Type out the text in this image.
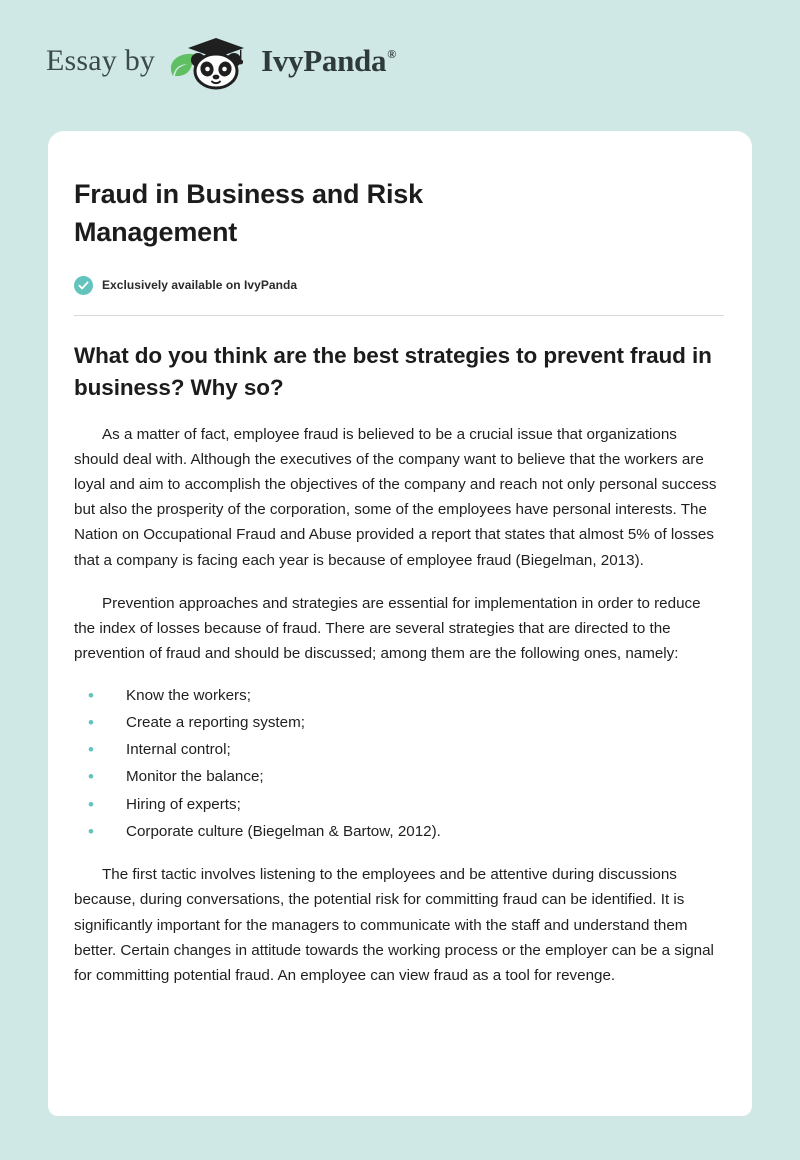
Essay by	IvyPanda®
Fraud in Business and Risk Management
Exclusively available on IvyPanda
What do you think are the best strategies to prevent fraud in business? Why so?

As a matter of fact, employee fraud is believed to be a crucial issue that organizations should deal with. Although the executives of the company want to believe that the workers are loyal and aim to accomplish the objectives of the company and reach not only personal success but also the prosperity of the corporation, some of the employees have personal interests. The Nation on Occupational Fraud and Abuse provided a report that states that almost 5% of losses that a company is facing each year is because of employee fraud (Biegelman, 2013).

Prevention approaches and strategies are essential for implementation in order to reduce the index of losses because of fraud. There are several strategies that are directed to the prevention of fraud and should be discussed; among them are the following ones, namely:

• Know the workers;
• Create a reporting system;
• Internal control;
• Monitor the balance;
• Hiring of experts;
• Corporate culture (Biegelman & Bartow, 2012).

The first tactic involves listening to the employees and be attentive during discussions because, during conversations, the potential risk for committing fraud can be identified. It is significantly important for the managers to communicate with the staff and understand them better. Certain changes in attitude towards the working process or the employer can be a signal for committing potential fraud. An employee can view fraud as a tool for revenge.
